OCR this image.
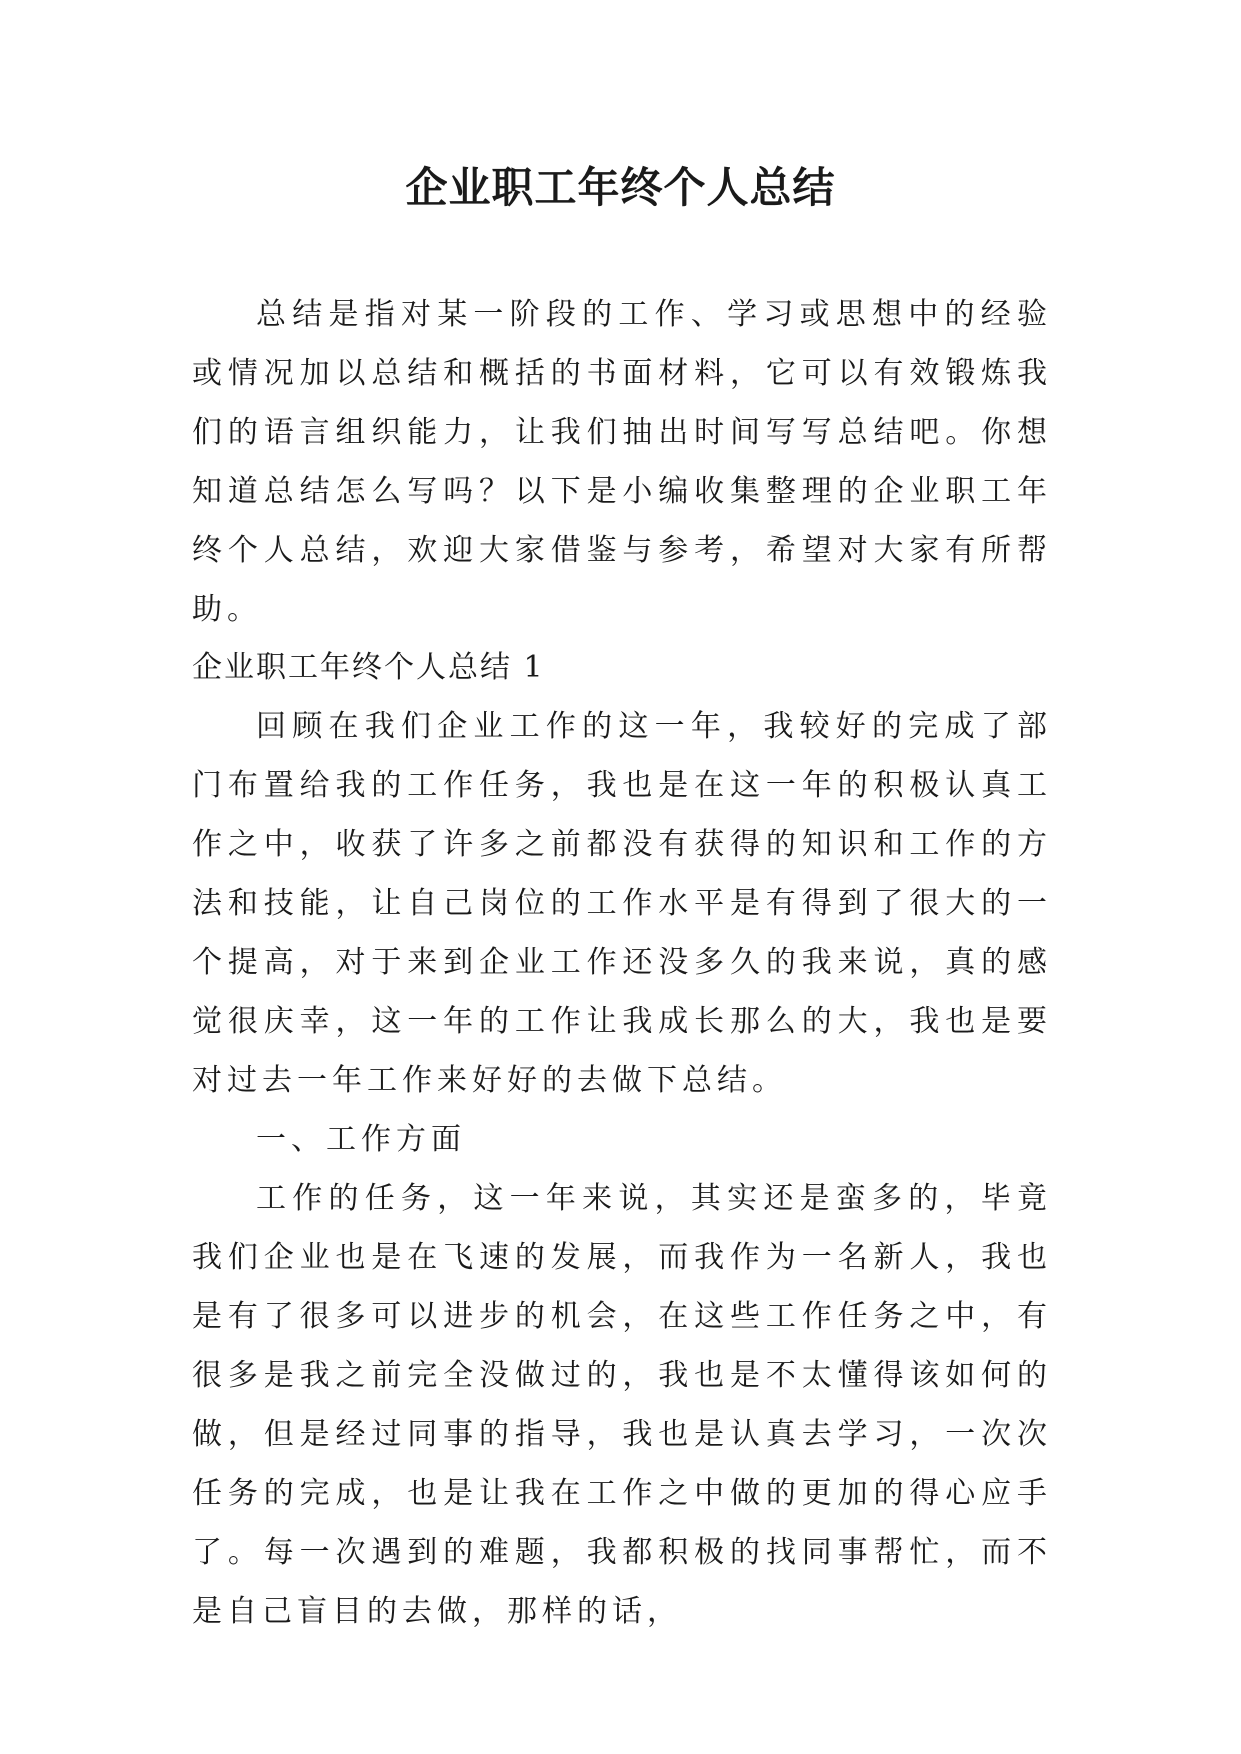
企业职工年终个人总结

总结是指对某一阶段的工作、学习或思想中的经验或情况加以总结和概括的书面材料，它可以有效锻炼我们的语言组织能力，让我们抽出时间写写总结吧。你想知道总结怎么写吗？以下是小编收集整理的企业职工年终个人总结，欢迎大家借鉴与参考，希望对大家有所帮助。

企业职工年终个人总结 1

回顾在我们企业工作的这一年，我较好的完成了部门布置给我的工作任务，我也是在这一年的积极认真工作之中，收获了许多之前都没有获得的知识和工作的方法和技能，让自己岗位的工作水平是有得到了很大的一个提高，对于来到企业工作还没多久的我来说，真的感觉很庆幸，这一年的工作让我成长那么的大，我也是要对过去一年工作来好好的去做下总结。

一、工作方面

工作的任务，这一年来说，其实还是蛮多的，毕竟我们企业也是在飞速的发展，而我作为一名新人，我也是有了很多可以进步的机会，在这些工作任务之中，有很多是我之前完全没做过的，我也是不太懂得该如何的做，但是经过同事的指导，我也是认真去学习，一次次任务的完成，也是让我在工作之中做的更加的得心应手了。每一次遇到的难题，我都积极的找同事帮忙，而不是自己盲目的去做，那样的话，
